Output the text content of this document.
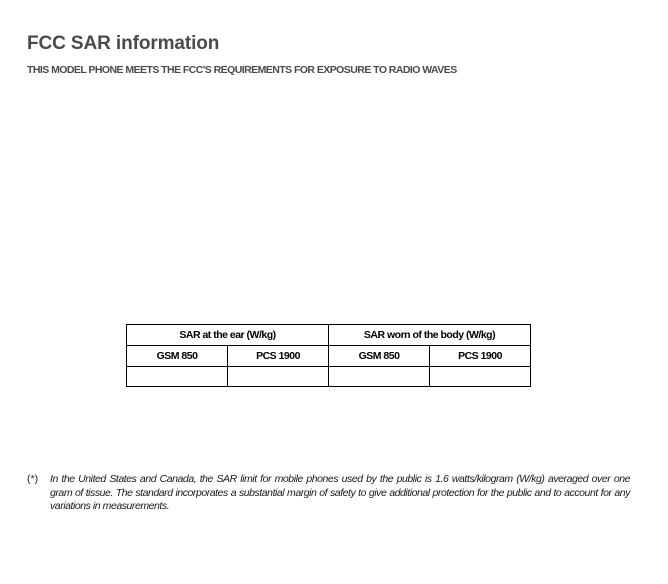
FCC SAR information
THIS MODEL PHONE MEETS THE FCC'S REQUIREMENTS FOR EXPOSURE TO RADIO WAVES
SAR at the ear (W/kg)		SAR worn of the body (W/kg)	
GSM 850	PCS 1900	GSM 850	PCS 1900

(*) In the United States and Canada, the SAR limit for mobile phones used by the public is 1.6 watts/kilogram (W/kg) averaged over one gram of tissue. The standard incorporates a substantial margin of safety to give additional protection for the public and to account for any variations in measurements.
